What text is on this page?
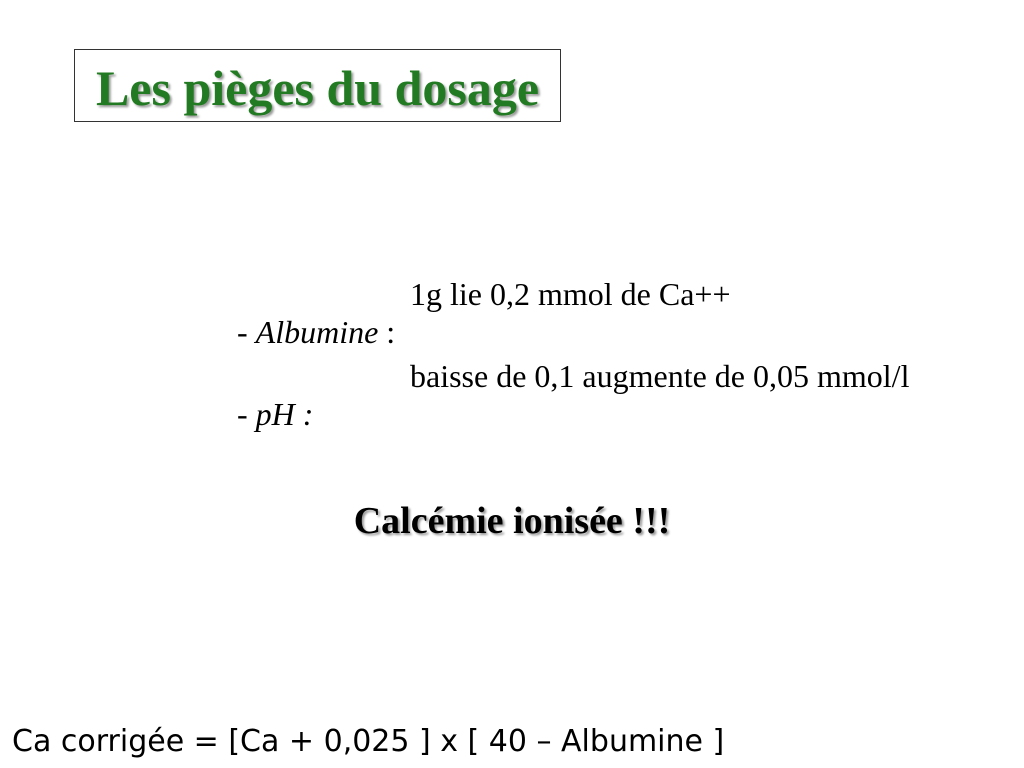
Les pièges du dosage

- Albumine :

1g lie 0,2 mmol de Ca++

- pH :

baisse de 0,1 augmente de 0,05 mmol/l

Calcémie ionisée !!!
Ca corrigée = [Ca + 0,025 ] x [ 40 – Albumine ]
